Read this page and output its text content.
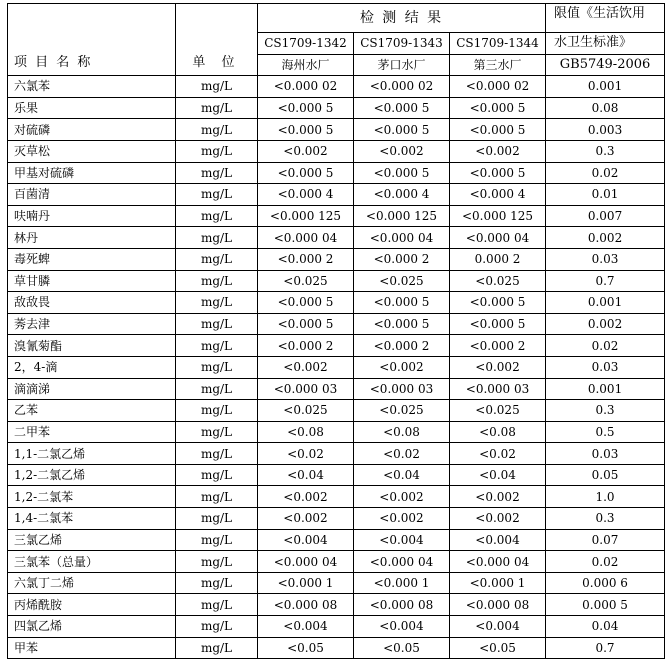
项 目 名 称	单 位	检 测 结 果			限值《生活饮用
		CS1709-1342	CS1709-1343	CS1709-1344	水卫生标准》
		海州水厂	茅口水厂	第三水厂	GB5749-2006
六氯苯	mg/L	<0.000 02	<0.000 02	<0.000 02	0.001
乐果	mg/L	<0.000 5	<0.000 5	<0.000 5	0.08
对硫磷	mg/L	<0.000 5	<0.000 5	<0.000 5	0.003
灭草松	mg/L	<0.002	<0.002	<0.002	0.3
甲基对硫磷	mg/L	<0.000 5	<0.000 5	<0.000 5	0.02
百菌清	mg/L	<0.000 4	<0.000 4	<0.000 4	0.01
呋喃丹	mg/L	<0.000 125	<0.000 125	<0.000 125	0.007
林丹	mg/L	<0.000 04	<0.000 04	<0.000 04	0.002
毒死蜱	mg/L	<0.000 2	<0.000 2	0.000 2	0.03
草甘膦	mg/L	<0.025	<0.025	<0.025	0.7
敌敌畏	mg/L	<0.000 5	<0.000 5	<0.000 5	0.001
莠去津	mg/L	<0.000 5	<0.000 5	<0.000 5	0.002
溴氰菊酯	mg/L	<0.000 2	<0.000 2	<0.000 2	0.02
2，4-滴	mg/L	<0.002	<0.002	<0.002	0.03
滴滴涕	mg/L	<0.000 03	<0.000 03	<0.000 03	0.001
乙苯	mg/L	<0.025	<0.025	<0.025	0.3
二甲苯	mg/L	<0.08	<0.08	<0.08	0.5
1,1-二氯乙烯	mg/L	<0.02	<0.02	<0.02	0.03
1,2-二氯乙烯	mg/L	<0.04	<0.04	<0.04	0.05
1,2-二氯苯	mg/L	<0.002	<0.002	<0.002	1.0
1,4-二氯苯	mg/L	<0.002	<0.002	<0.002	0.3
三氯乙烯	mg/L	<0.004	<0.004	<0.004	0.07
三氯苯（总量）	mg/L	<0.000 04	<0.000 04	<0.000 04	0.02
六氯丁二烯	mg/L	<0.000 1	<0.000 1	<0.000 1	0.000 6
丙烯酰胺	mg/L	<0.000 08	<0.000 08	<0.000 08	0.000 5
四氯乙烯	mg/L	<0.004	<0.004	<0.004	0.04
甲苯	mg/L	<0.05	<0.05	<0.05	0.7
